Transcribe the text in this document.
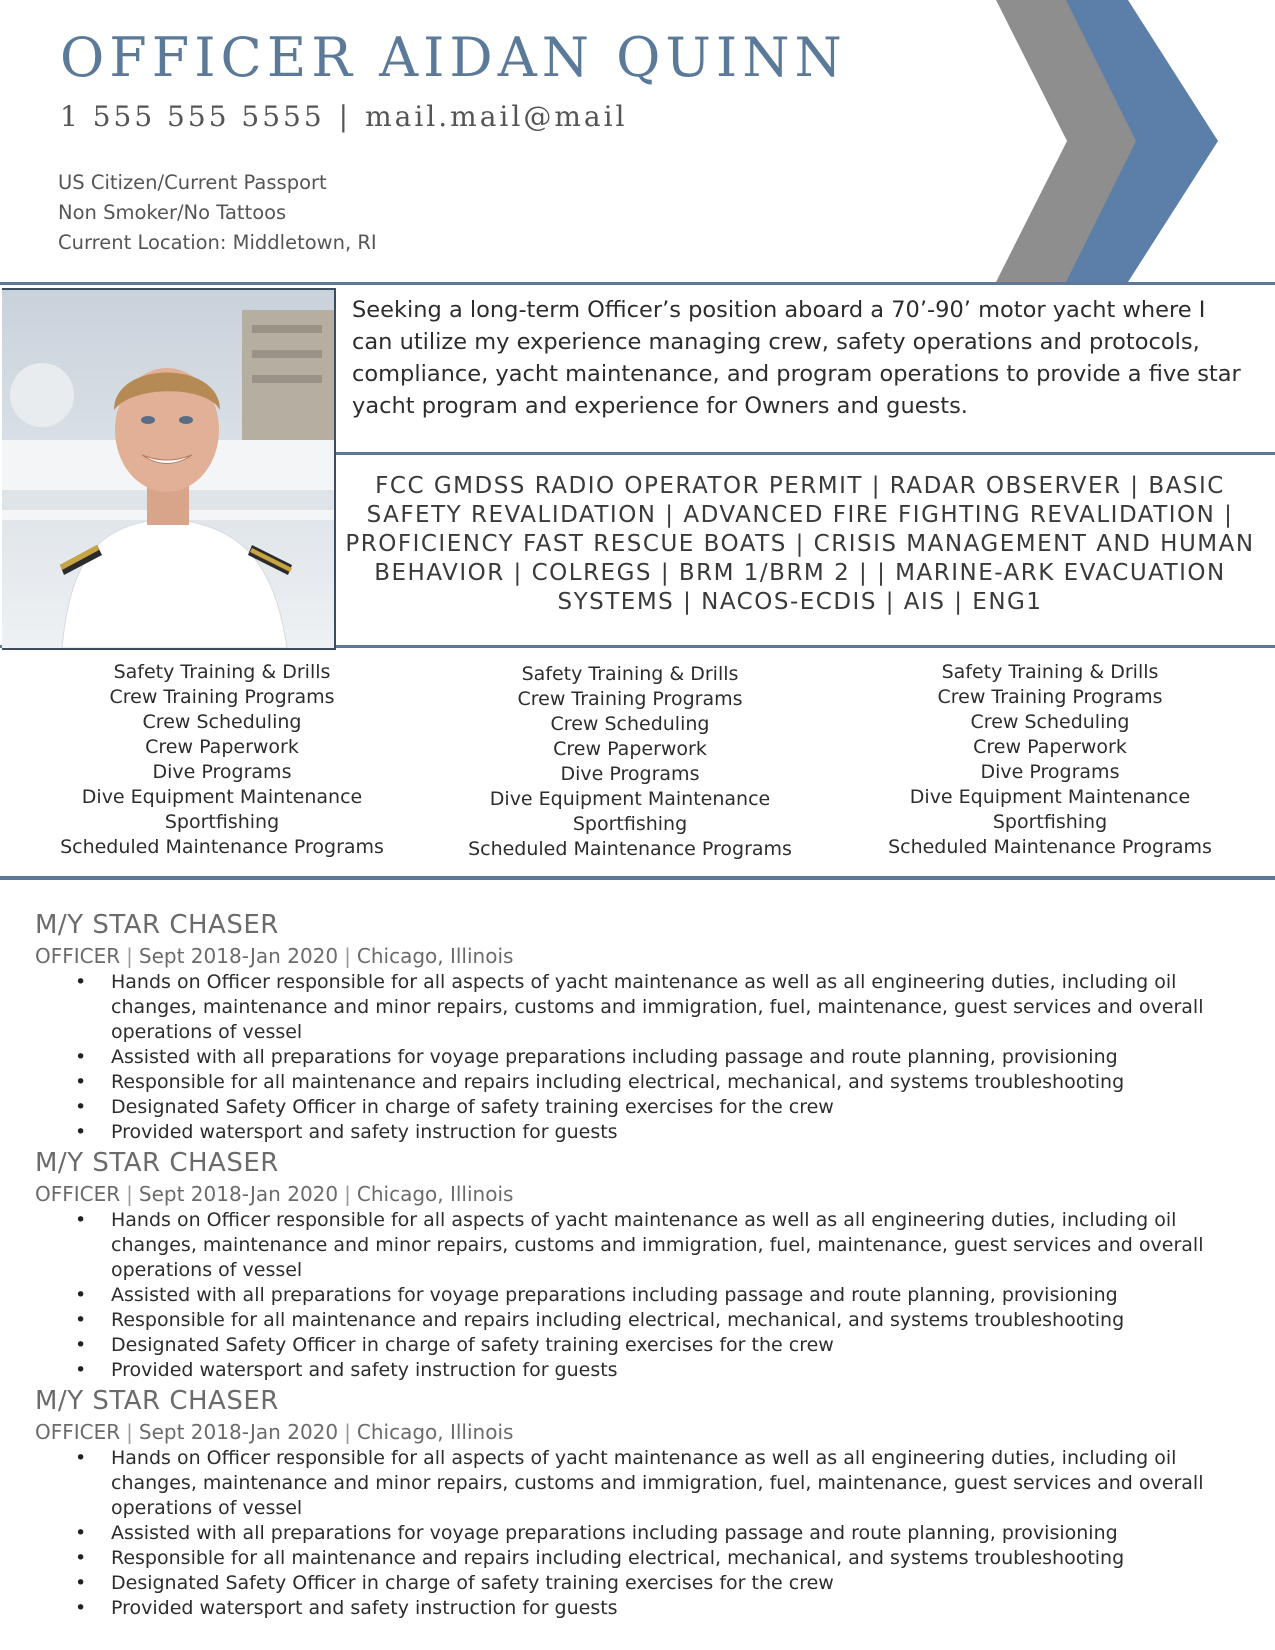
OFFICER AIDAN QUINN
1 555 555 5555 | mail.mail@mail
US Citizen/Current Passport
Non Smoker/No Tattoos
Current Location: Middletown, RI
Seeking a long-term Officer’s position aboard a 70’-90’ motor yacht where I can utilize my experience managing crew, safety operations and protocols, compliance, yacht maintenance, and program operations to provide a five star yacht program and experience for Owners and guests.
FCC GMDSS RADIO OPERATOR PERMIT | RADAR OBSERVER | BASIC SAFETY REVALIDATION | ADVANCED FIRE FIGHTING REVALIDATION | PROFICIENCY FAST RESCUE BOATS | CRISIS MANAGEMENT AND HUMAN BEHAVIOR | COLREGS | BRM 1/BRM 2 | | MARINE-ARK EVACUATION SYSTEMS | NACOS-ECDIS | AIS | ENG1
Safety Training & Drills
Crew Training Programs
Crew Scheduling
Crew Paperwork
Dive Programs
Dive Equipment Maintenance
Sportfishing
Scheduled Maintenance Programs
Safety Training & Drills
Crew Training Programs
Crew Scheduling
Crew Paperwork
Dive Programs
Dive Equipment Maintenance
Sportfishing
Scheduled Maintenance Programs
Safety Training & Drills
Crew Training Programs
Crew Scheduling
Crew Paperwork
Dive Programs
Dive Equipment Maintenance
Sportfishing
Scheduled Maintenance Programs
M/Y STAR CHASER
OFFICER | Sept 2018-Jan 2020 | Chicago, Illinois
• Hands on Officer responsible for all aspects of yacht maintenance as well as all engineering duties, including oil changes, maintenance and minor repairs, customs and immigration, fuel, maintenance, guest services and overall operations of vessel
• Assisted with all preparations for voyage preparations including passage and route planning, provisioning
• Responsible for all maintenance and repairs including electrical, mechanical, and systems troubleshooting
• Designated Safety Officer in charge of safety training exercises for the crew
• Provided watersport and safety instruction for guests
M/Y STAR CHASER
OFFICER | Sept 2018-Jan 2020 | Chicago, Illinois
• Hands on Officer responsible for all aspects of yacht maintenance as well as all engineering duties, including oil changes, maintenance and minor repairs, customs and immigration, fuel, maintenance, guest services and overall operations of vessel
• Assisted with all preparations for voyage preparations including passage and route planning, provisioning
• Responsible for all maintenance and repairs including electrical, mechanical, and systems troubleshooting
• Designated Safety Officer in charge of safety training exercises for the crew
• Provided watersport and safety instruction for guests
M/Y STAR CHASER
OFFICER | Sept 2018-Jan 2020 | Chicago, Illinois
• Hands on Officer responsible for all aspects of yacht maintenance as well as all engineering duties, including oil changes, maintenance and minor repairs, customs and immigration, fuel, maintenance, guest services and overall operations of vessel
• Assisted with all preparations for voyage preparations including passage and route planning, provisioning
• Responsible for all maintenance and repairs including electrical, mechanical, and systems troubleshooting
• Designated Safety Officer in charge of safety training exercises for the crew
• Provided watersport and safety instruction for guests
